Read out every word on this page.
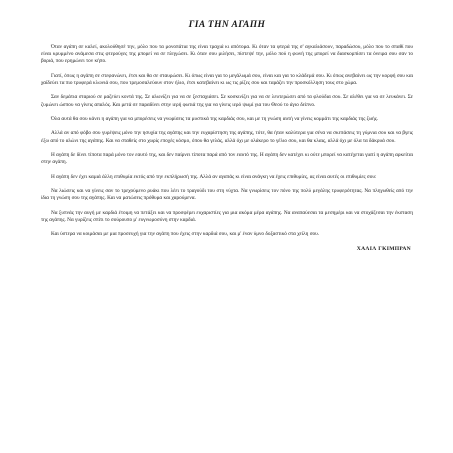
ΓΙΑ ΤΗΝ ΑΓΑΠΗ

Όταν αγάπη σε καλεί, ακολούθησέ την, μόλο που τα μονοπάτια της είναι τραχιά κι απότομα. Κι όταν τα φτερά της σ' αγκαλιάσουν, παραδώσου, μόλο που το σπαθί που είναι κρυμμένο ανάμεσα στις φτερούγες της μπορεί να σε πληγώσει. Κι όταν σου μιλήσει, πίστεψέ την, μόλο πού η φωνή της μπορεί να διασκορπίσει τα όνειρα σου σαν το βοριά, που ερημώνει τον κήπο.

Γιατί, όπως η αγάπη σε στεφανώνει, έτσι και θα σε σταυρώσει. Κι όπως είναι για το μεγάλωμά σου, είναι και για το κλάδεμά σου. Κι όπως ανεβαίνει ως την κορφή σου και χαϊδεύει τα πιο τρυφερά κλωνιά σου, που τρεμοσαλεύουν στον ήλιο, έτσι κατεβαίνει κι ως τις ρίζες σου και ταράζει την προσκόλληση τους στο χώμα.

Σαν δεμάτια σταριού σε μαζεύει κοντά της. Σε αλωνίζει για να σε ξεσταχιάσει. Σε κοσκινίζει για να σε λευτερώσει από τα φλούδια σου. Σε αλέθει για να σε λευκάνει. Σε ζυμώνει ώσπου να γίνεις απαλός. Και μετά σε παραδίνει στην ιερή φωτιά της για να γίνεις ιερό ψωμί για του Θεού το άγιο δείπνο.

Όλα αυτά θα σου κάνει η αγάπη για να μπορέσεις να γνωρίσεις τα μυστικά της καρδιάς σου, και με τη γνώση αυτή να γίνεις κομμάτι της καρδιάς της ζωής.

Αλλά αν από φόβο σου γυρέψεις μόνο την ησυχία της αγάπης και την ευχαρίστηση της αγάπης, τότε, θα ήταν καλύτερα για σένα να σκεπάσεις τη γύμνια σου και να βγεις έξω από το αλώνι της αγάπης. Και να σταθείς στο χωρίς εποχές κόσμο, όπου θα γελάς, αλλά όχι με ολάκερο το γέλιο σου, και θα κλαις, αλλά όχι με όλα τα δάκρυά σου.

Η αγάπη δε δίνει τίποτα παρά μόνο τον εαυτό της, και δεν παίρνει τίποτα παρά από τον εαυτό της. Η αγάπη δεν κατέχει κι ούτε μπορεί να κατέχεται γιατί η αγάπη αρκείται στην αγάπη.

Η αγάπη δεν έχει καμιά άλλη επιθυμία εκτός από την εκπλήρωσή της. Αλλά αν αγαπάς κι είναι ανάγκη να έχεις επιθυμίες, ας είναι αυτές οι επιθυμίες σου:

Να λιώσεις και να γίνεις σαν το τρεχούμενο ρυάκι που λέει το τραγούδι του στη νύχτα. Να γνωρίσεις τον πόνο της πολύ μεγάλης τρυφερότητας. Να πληγωθείς από την ίδια τη γνώση σου της αγάπης. Και να ματώσεις πρόθυμα και χαρούμενα.

Να ξυπνάς την αυγή με καρδιά έτοιμη να πετάξει και να προσφέρει ευχαριστίες για μια ακόμα μέρα αγάπης. Να αναπαύεσαι τα μεσημέρι και να στοχάζεσαι την έκσταση της αγάπης. Να γυρίζεις σπίτι το σούρουπο μ' ευγνωμοσύνη στην καρδιά.

Και ύστερα να κοιμάσαι με μια προσευχή για την αγάπη που έχεις στην καρδιά σου, και μ' έναν ύμνο δοξαστικό στα χείλη σου.

ΧΑΛΙΛ ΓΚΙΜΠΡΑΝ
